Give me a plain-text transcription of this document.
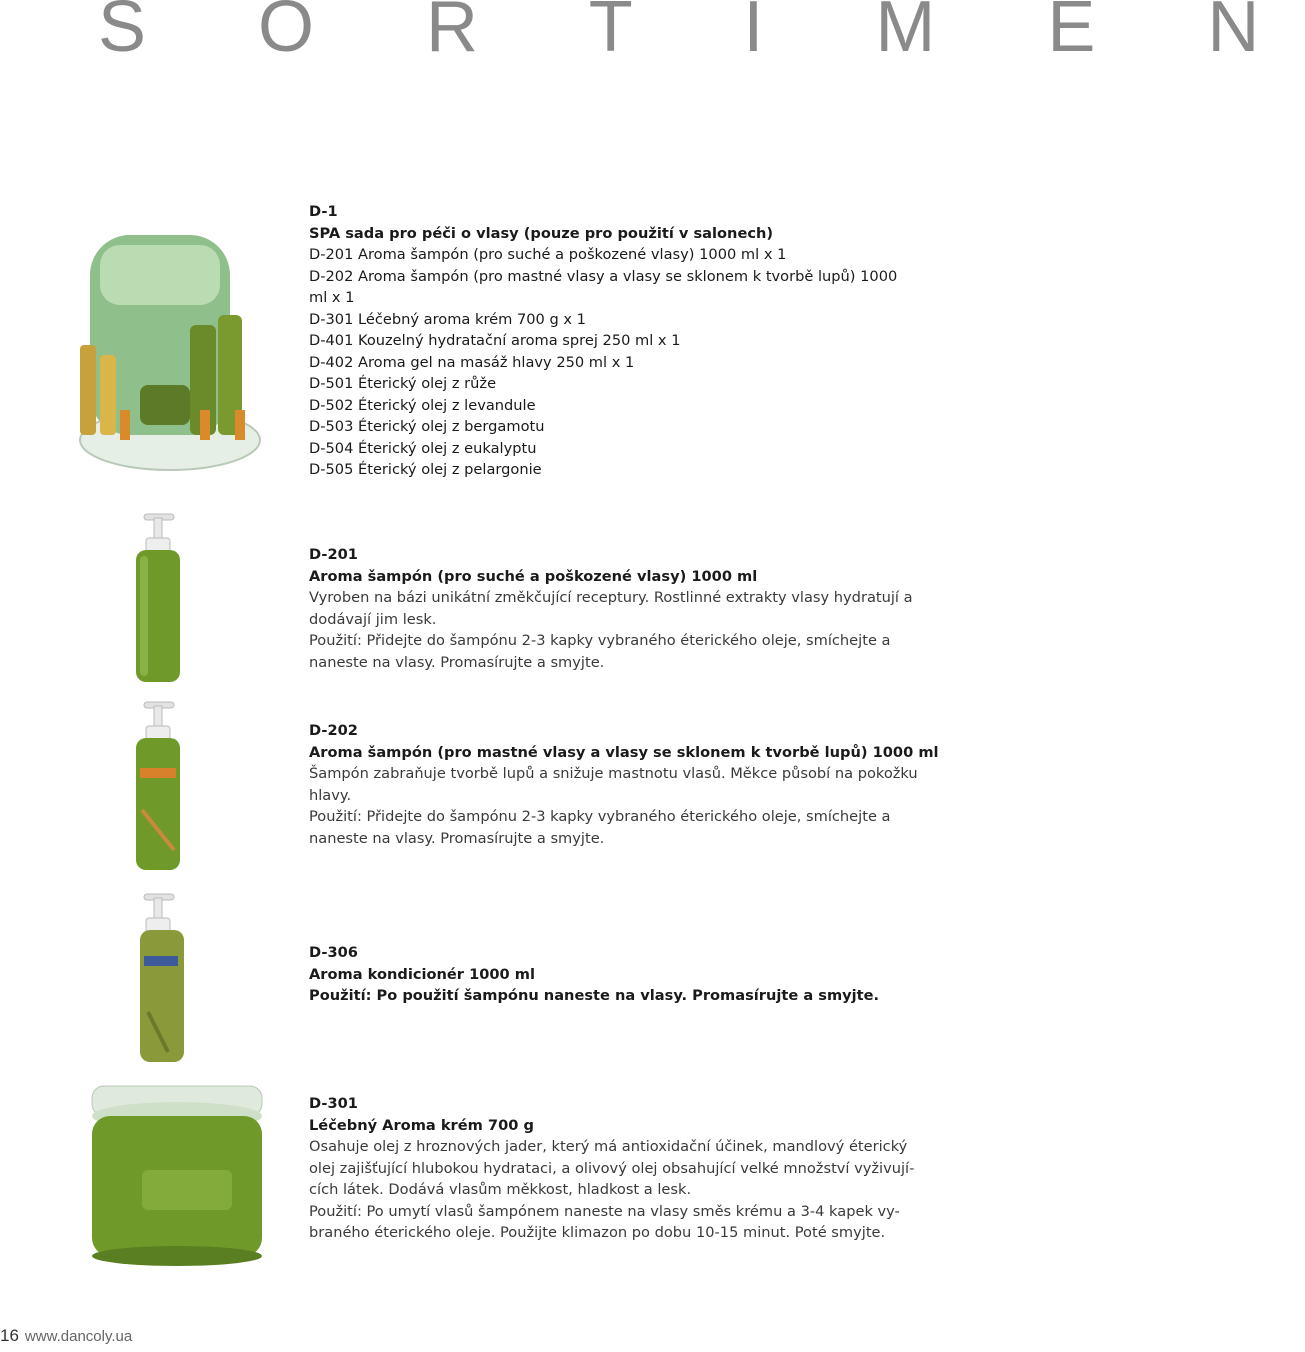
S O R T I M E N
D-1
SPA sada pro péči o vlasy (pouze pro použití v salonech)
D-201 Aroma šampón (pro suché a poškozené vlasy) 1000 ml x 1
D-202 Aroma šampón (pro mastné vlasy a vlasy se sklonem k tvorbě lupů) 1000
ml x 1
D-301 Léčebný aroma krém 700 g x 1
D-401 Kouzelný hydratační aroma sprej 250 ml x 1
D-402 Aroma gel na masáž hlavy 250 ml x 1
D-501 Éterický olej z růže
D-502 Éterický olej z levandule
D-503 Éterický olej z bergamotu
D-504 Éterický olej z eukalyptu
D-505 Éterický olej z pelargonie
D-201
Aroma šampón (pro suché a poškozené vlasy) 1000 ml
Vyroben na bázi unikátní změkčující receptury. Rostlinné extrakty vlasy hydratují a
dodávají jim lesk.
Použití: Přidejte do šampónu 2-3 kapky vybraného éterického oleje, smíchejte a
naneste na vlasy. Promasírujte a smyjte.
D-202
Aroma šampón (pro mastné vlasy a vlasy se sklonem k tvorbě lupů) 1000 ml
Šampón zabraňuje tvorbě lupů a snižuje mastnotu vlasů. Měkce působí na pokožku
hlavy.
Použití: Přidejte do šampónu 2-3 kapky vybraného éterického oleje, smíchejte a
naneste na vlasy. Promasírujte a smyjte.
D-306
Aroma kondicionér 1000 ml
Použití: Po použití šampónu naneste na vlasy. Promasírujte a smyjte.
D-301
Léčebný Aroma krém 700 g
Osahuje olej z hroznových jader, který má antioxidační účinek, mandlový éterický
olej zajišťující hlubokou hydrataci, a olivový olej obsahující velké množství vyživují-
cích látek. Dodává vlasům měkkost, hladkost a lesk.
Použití: Po umytí vlasů šampónem naneste na vlasy směs krému a 3-4 kapek vy-
braného éterického oleje. Použijte klimazon po dobu 10-15 minut. Poté smyjte.
16 www.dancoly.ua
